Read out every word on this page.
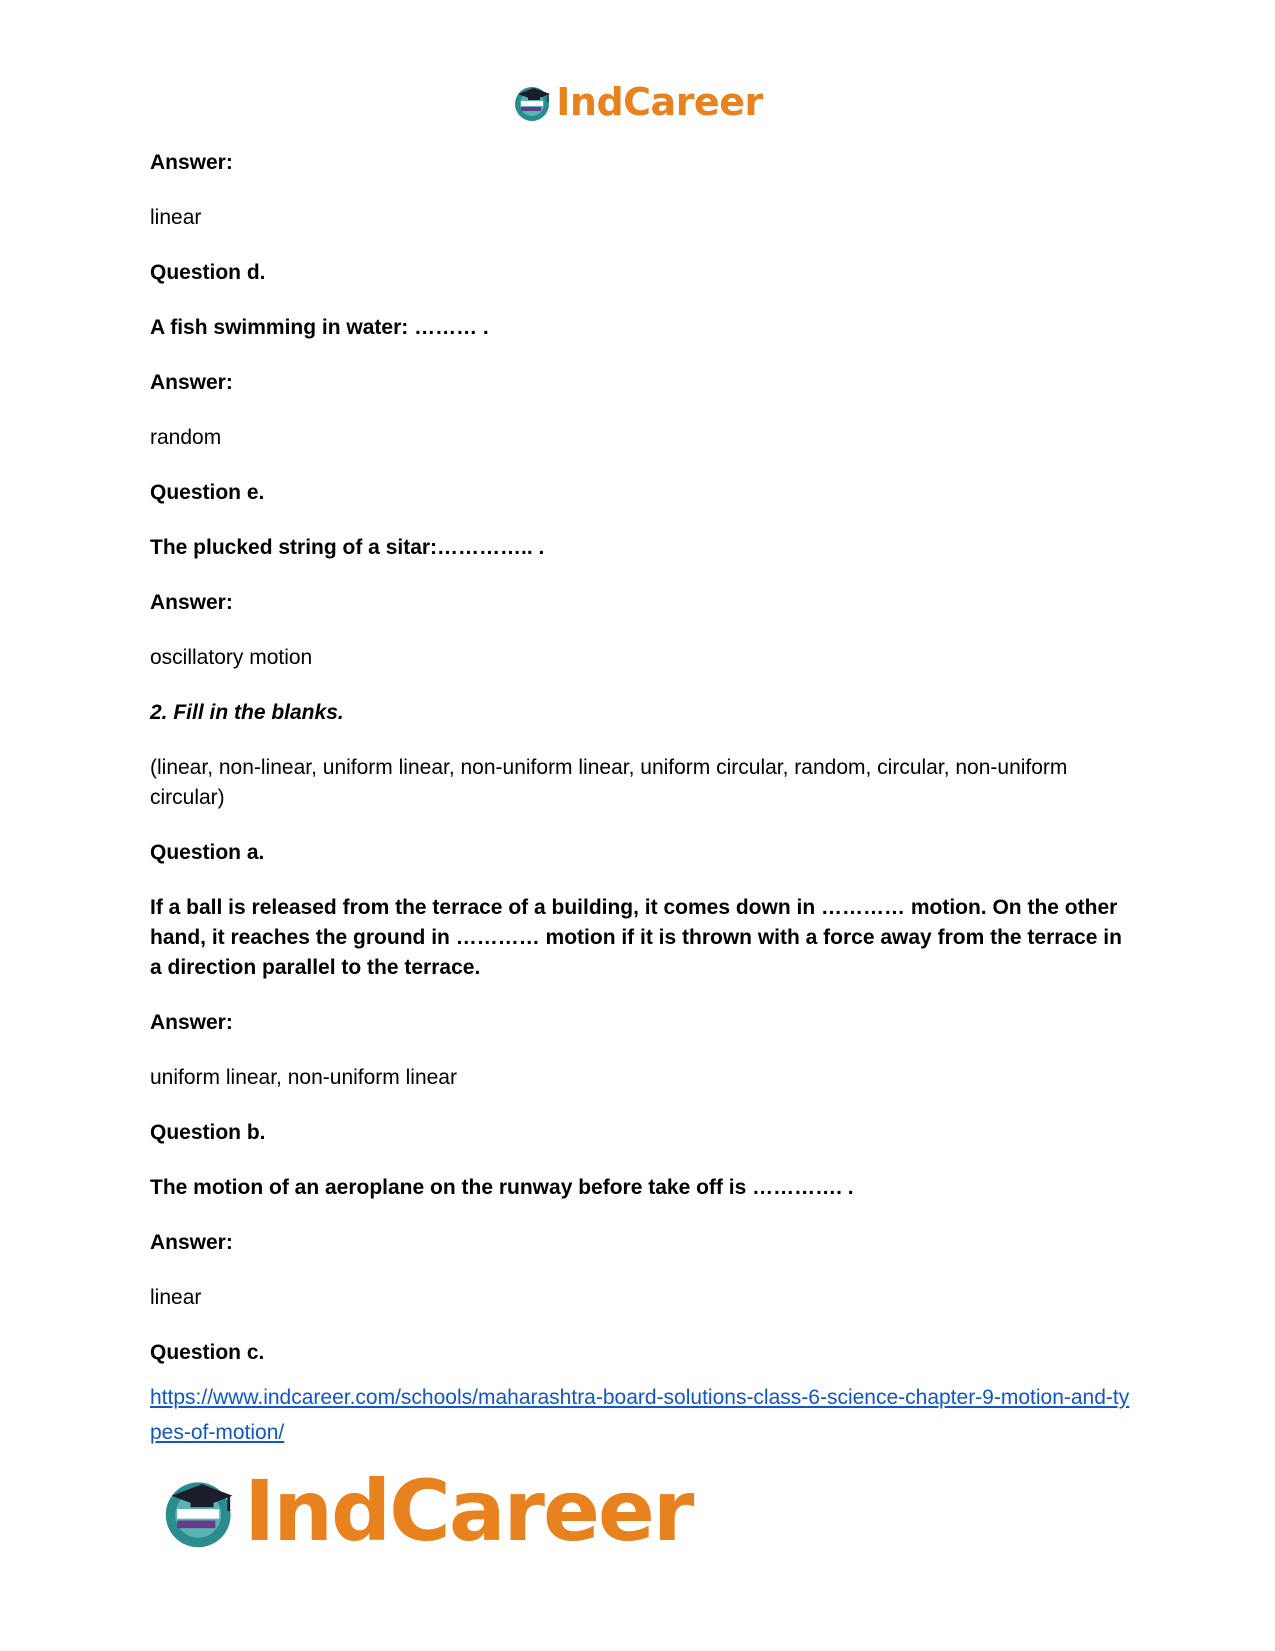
IndCareer
Answer:
linear
Question d.
A fish swimming in water: ……… .
Answer:
random
Question e.
The plucked string of a sitar:………….. .
Answer:
oscillatory motion
2. Fill in the blanks.
(linear, non-linear, uniform linear, non-uniform linear, uniform circular, random, circular, non-uniform circular)
Question a.
If a ball is released from the terrace of a building, it comes down in ………… motion. On the other hand, it reaches the ground in ………… motion if it is thrown with a force away from the terrace in a direction parallel to the terrace.
Answer:
uniform linear, non-uniform linear
Question b.
The motion of an aeroplane on the runway before take off is …………. .
Answer:
linear
Question c.
https://www.indcareer.com/schools/maharashtra-board-solutions-class-6-science-chapter-9-motion-and-types-of-motion/
IndCareer
